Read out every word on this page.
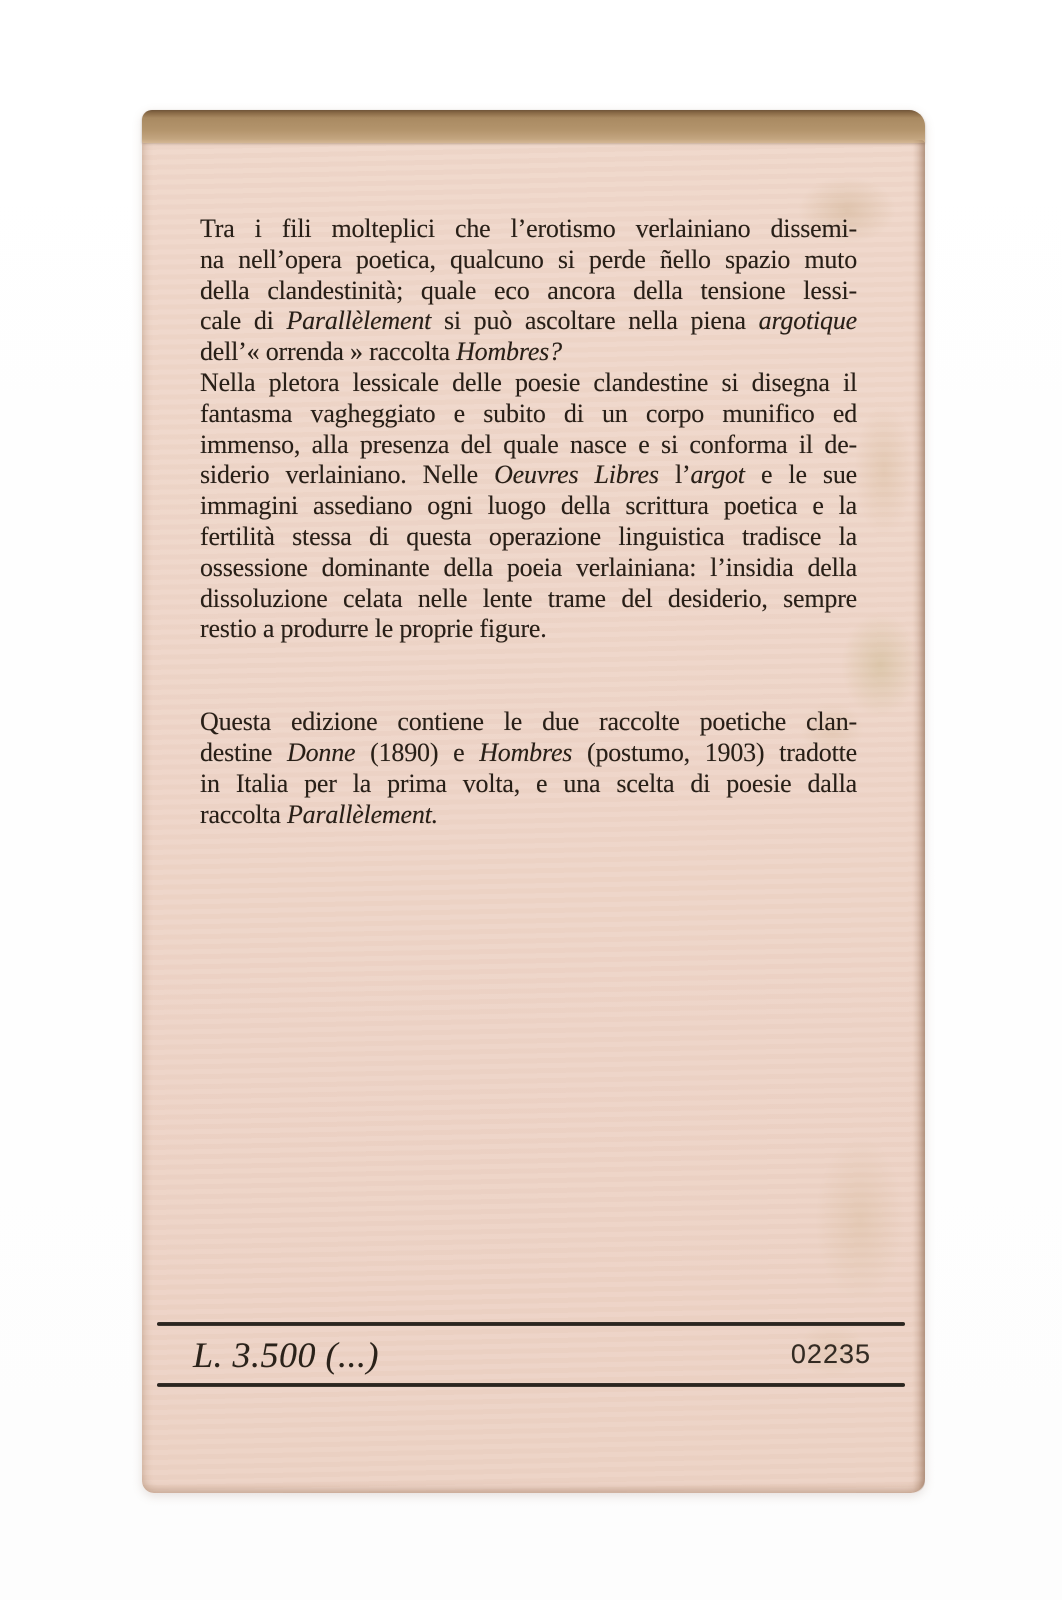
Tra i fili molteplici che l’erotismo verlainiano dissemi-
na nell’opera poetica, qualcuno si perde ñello spazio muto
della clandestinità; quale eco ancora della tensione lessi-
cale di Parallèlement si può ascoltare nella piena argotique
dell’« orrenda » raccolta Hombres?
Nella pletora lessicale delle poesie clandestine si disegna il
fantasma vagheggiato e subito di un corpo munifico ed
immenso, alla presenza del quale nasce e si conforma il de-
siderio verlainiano. Nelle Oeuvres Libres l’argot e le sue
immagini assediano ogni luogo della scrittura poetica e la
fertilità stessa di questa operazione linguistica tradisce la
ossessione dominante della poeia verlainiana: l’insidia della
dissoluzione celata nelle lente trame del desiderio, sempre
restio a produrre le proprie figure.
Questa edizione contiene le due raccolte poetiche clan-
destine Donne (1890) e Hombres (postumo, 1903) tradotte
in Italia per la prima volta, e una scelta di poesie dalla
raccolta Parallèlement.
L. 3.500 (...)	02235
